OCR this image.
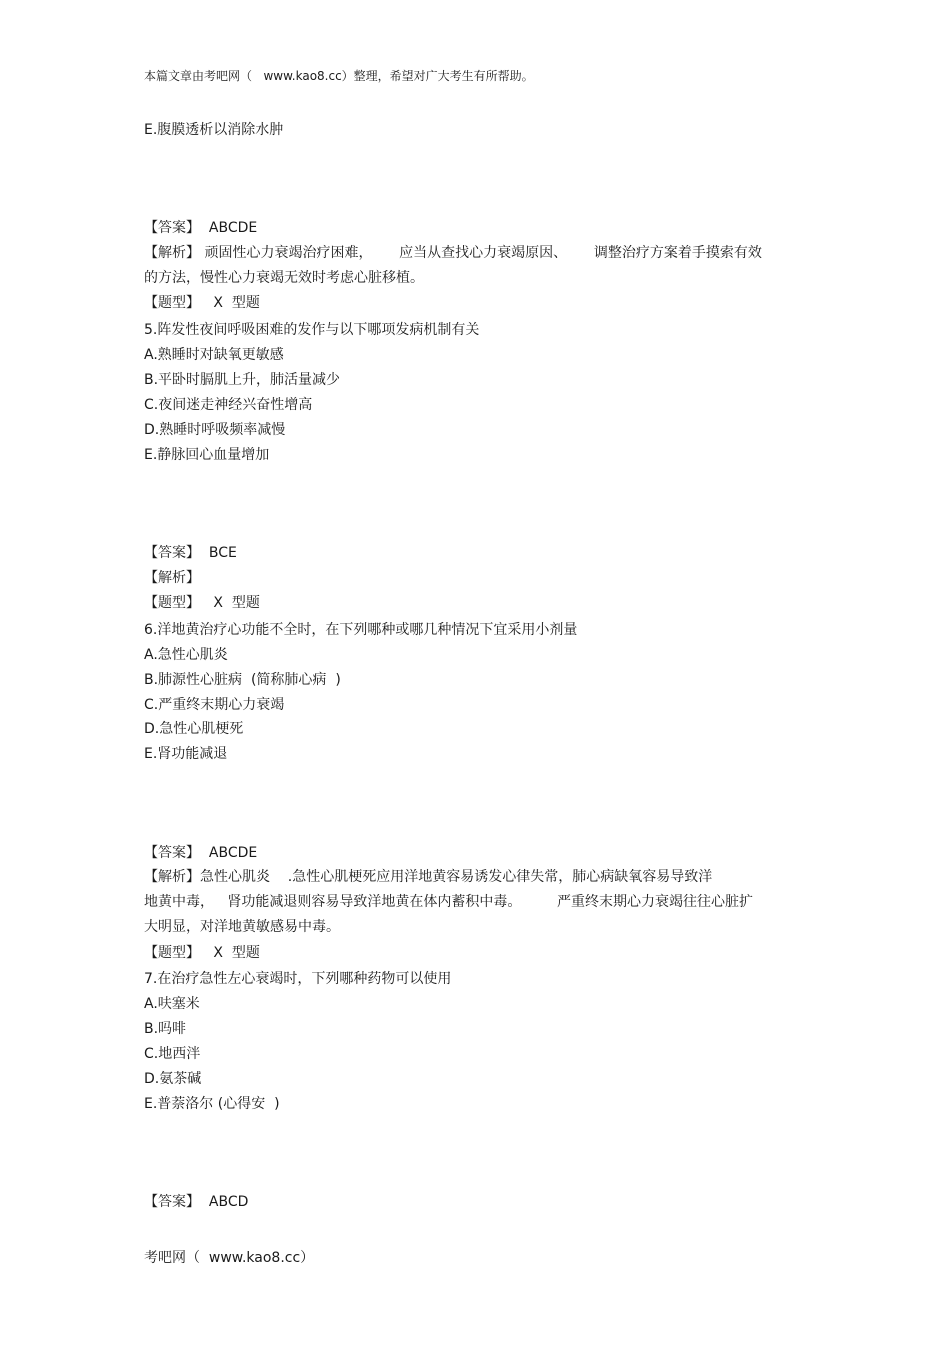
本篇文章由考吧网（   www.kao8.cc）整理，希望对广大考生有所帮助。
E.腹膜透析以消除水肿
【答案】  ABCDE
【解析】 顽固性心力衰竭治疗困难，      应当从查找心力衰竭原因、      调整治疗方案着手摸索有效
的方法，慢性心力衰竭无效时考虑心脏移植。
【题型】   X  型题
5.阵发性夜间呼吸困难的发作与以下哪项发病机制有关
A.熟睡时对缺氧更敏感
B.平卧时膈肌上升，肺活量减少
C.夜间迷走神经兴奋性增高
D.熟睡时呼吸频率减慢
E.静脉回心血量增加
【答案】  BCE
【解析】
【题型】   X  型题
6.洋地黄治疗心功能不全时，在下列哪种或哪几种情况下宜采用小剂量
A.急性心肌炎
B.肺源性心脏病  (简称肺心病  )
C.严重终末期心力衰竭
D.急性心肌梗死
E.肾功能减退
【答案】  ABCDE
【解析】急性心肌炎    .急性心肌梗死应用洋地黄容易诱发心律失常，肺心病缺氧容易导致洋
地黄中毒，   肾功能减退则容易导致洋地黄在体内蓄积中毒。        严重终末期心力衰竭往往心脏扩
大明显，对洋地黄敏感易中毒。
【题型】   X  型题
7.在治疗急性左心衰竭时，下列哪种药物可以使用
A.呋塞米
B.吗啡
C.地西泮
D.氨茶碱
E.普萘洛尔 (心得安  )
【答案】  ABCD
考吧网（  www.kao8.cc）
